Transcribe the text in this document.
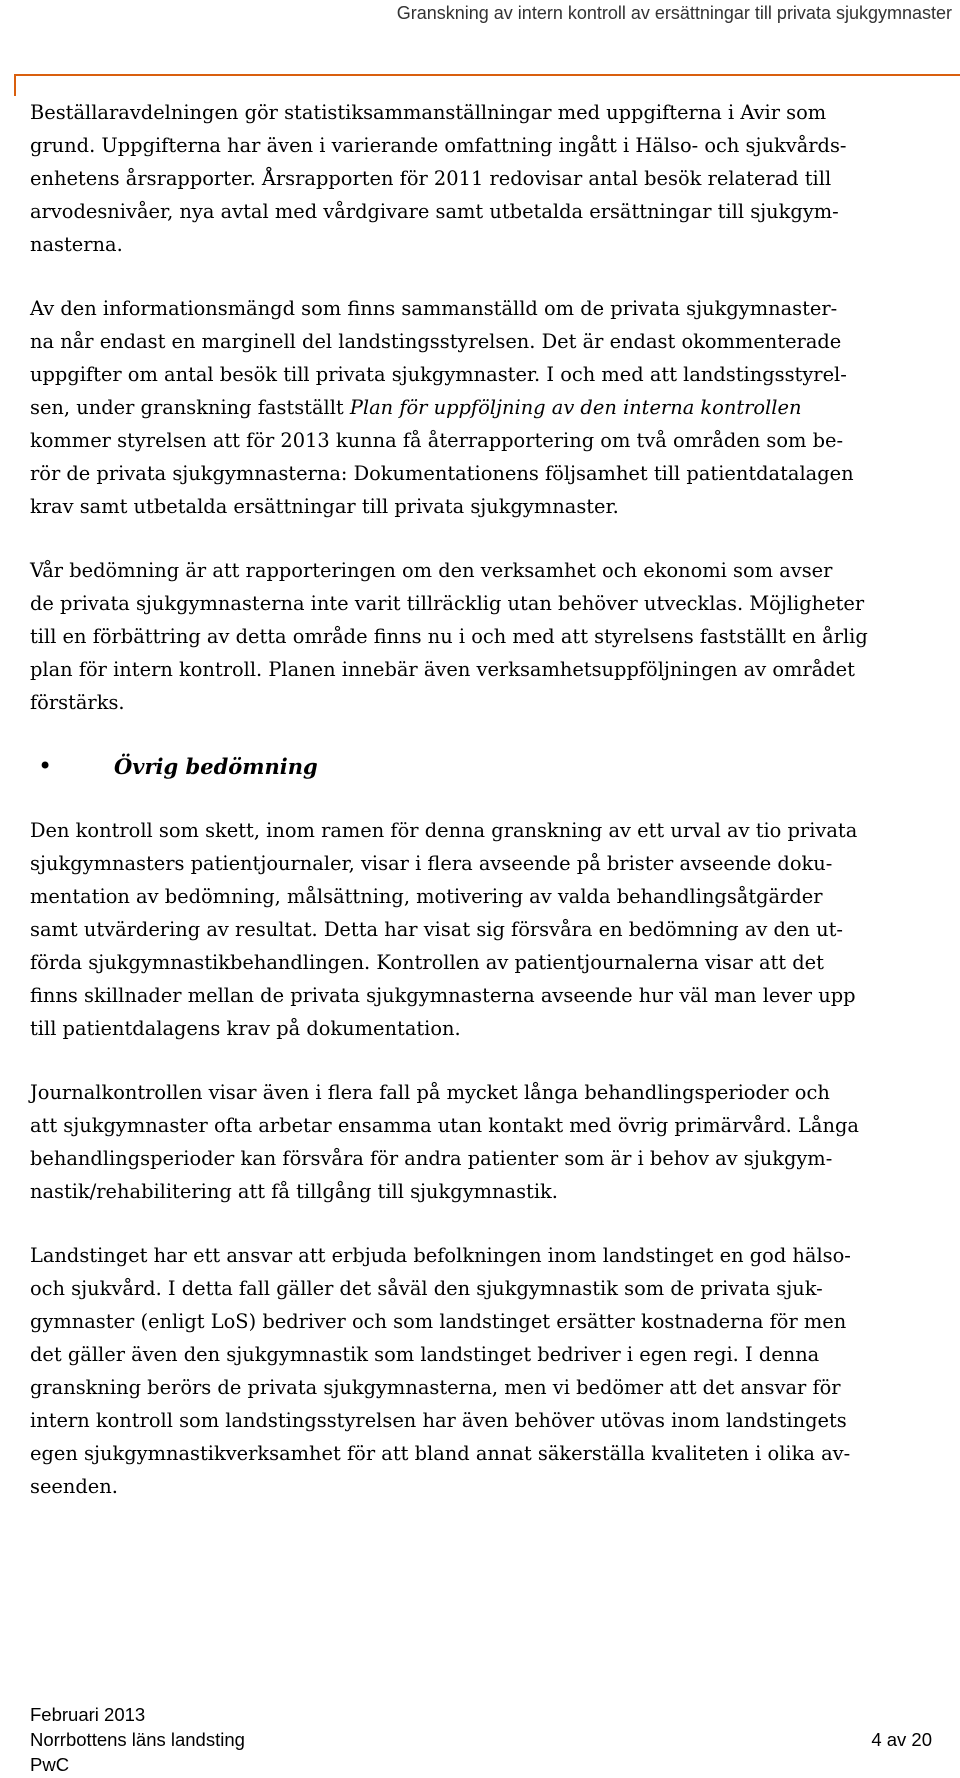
Granskning av intern kontroll av ersättningar till privata sjukgymnaster

Beställaravdelningen gör statistiksammanställningar med uppgifterna i Avir som
grund. Uppgifterna har även i varierande omfattning ingått i Hälso- och sjukvårds-
enhetens årsrapporter. Årsrapporten för 2011 redovisar antal besök relaterad till
arvodesnivåer, nya avtal med vårdgivare samt utbetalda ersättningar till sjukgym-
nasterna.

Av den informationsmängd som finns sammanställd om de privata sjukgymnaster-
na når endast en marginell del landstingsstyrelsen. Det är endast okommenterade
uppgifter om antal besök till privata sjukgymnaster. I och med att landstingsstyrel-
sen, under granskning fastställt Plan för uppföljning av den interna kontrollen
kommer styrelsen att för 2013 kunna få återrapportering om två områden som be-
rör de privata sjukgymnasterna: Dokumentationens följsamhet till patientdatalagen
krav samt utbetalda ersättningar till privata sjukgymnaster.

Vår bedömning är att rapporteringen om den verksamhet och ekonomi som avser
de privata sjukgymnasterna inte varit tillräcklig utan behöver utvecklas. Möjligheter
till en förbättring av detta område finns nu i och med att styrelsens fastställt en årlig
plan för intern kontroll. Planen innebär även verksamhetsuppföljningen av området
förstärks.

•	Övrig bedömning

Den kontroll som skett, inom ramen för denna granskning av ett urval av tio privata
sjukgymnasters patientjournaler, visar i flera avseende på brister avseende doku-
mentation av bedömning, målsättning, motivering av valda behandlingsåtgärder
samt utvärdering av resultat. Detta har visat sig försvåra en bedömning av den ut-
förda sjukgymnastikbehandlingen. Kontrollen av patientjournalerna visar att det
finns skillnader mellan de privata sjukgymnasterna avseende hur väl man lever upp
till patientdalagens krav på dokumentation.

Journalkontrollen visar även i flera fall på mycket långa behandlingsperioder och
att sjukgymnaster ofta arbetar ensamma utan kontakt med övrig primärvård. Långa
behandlingsperioder kan försvåra för andra patienter som är i behov av sjukgym-
nastik/rehabilitering att få tillgång till sjukgymnastik.

Landstinget har ett ansvar att erbjuda befolkningen inom landstinget en god hälso-
och sjukvård. I detta fall gäller det såväl den sjukgymnastik som de privata sjuk-
gymnaster (enligt LoS) bedriver och som landstinget ersätter kostnaderna för men
det gäller även den sjukgymnastik som landstinget bedriver i egen regi. I denna
granskning berörs de privata sjukgymnasterna, men vi bedömer att det ansvar för
intern kontroll som landstingsstyrelsen har även behöver utövas inom landstingets
egen sjukgymnastikverksamhet för att bland annat säkerställa kvaliteten i olika av-
seenden.

Februari 2013
Norrbottens läns landsting	4 av 20
PwC
